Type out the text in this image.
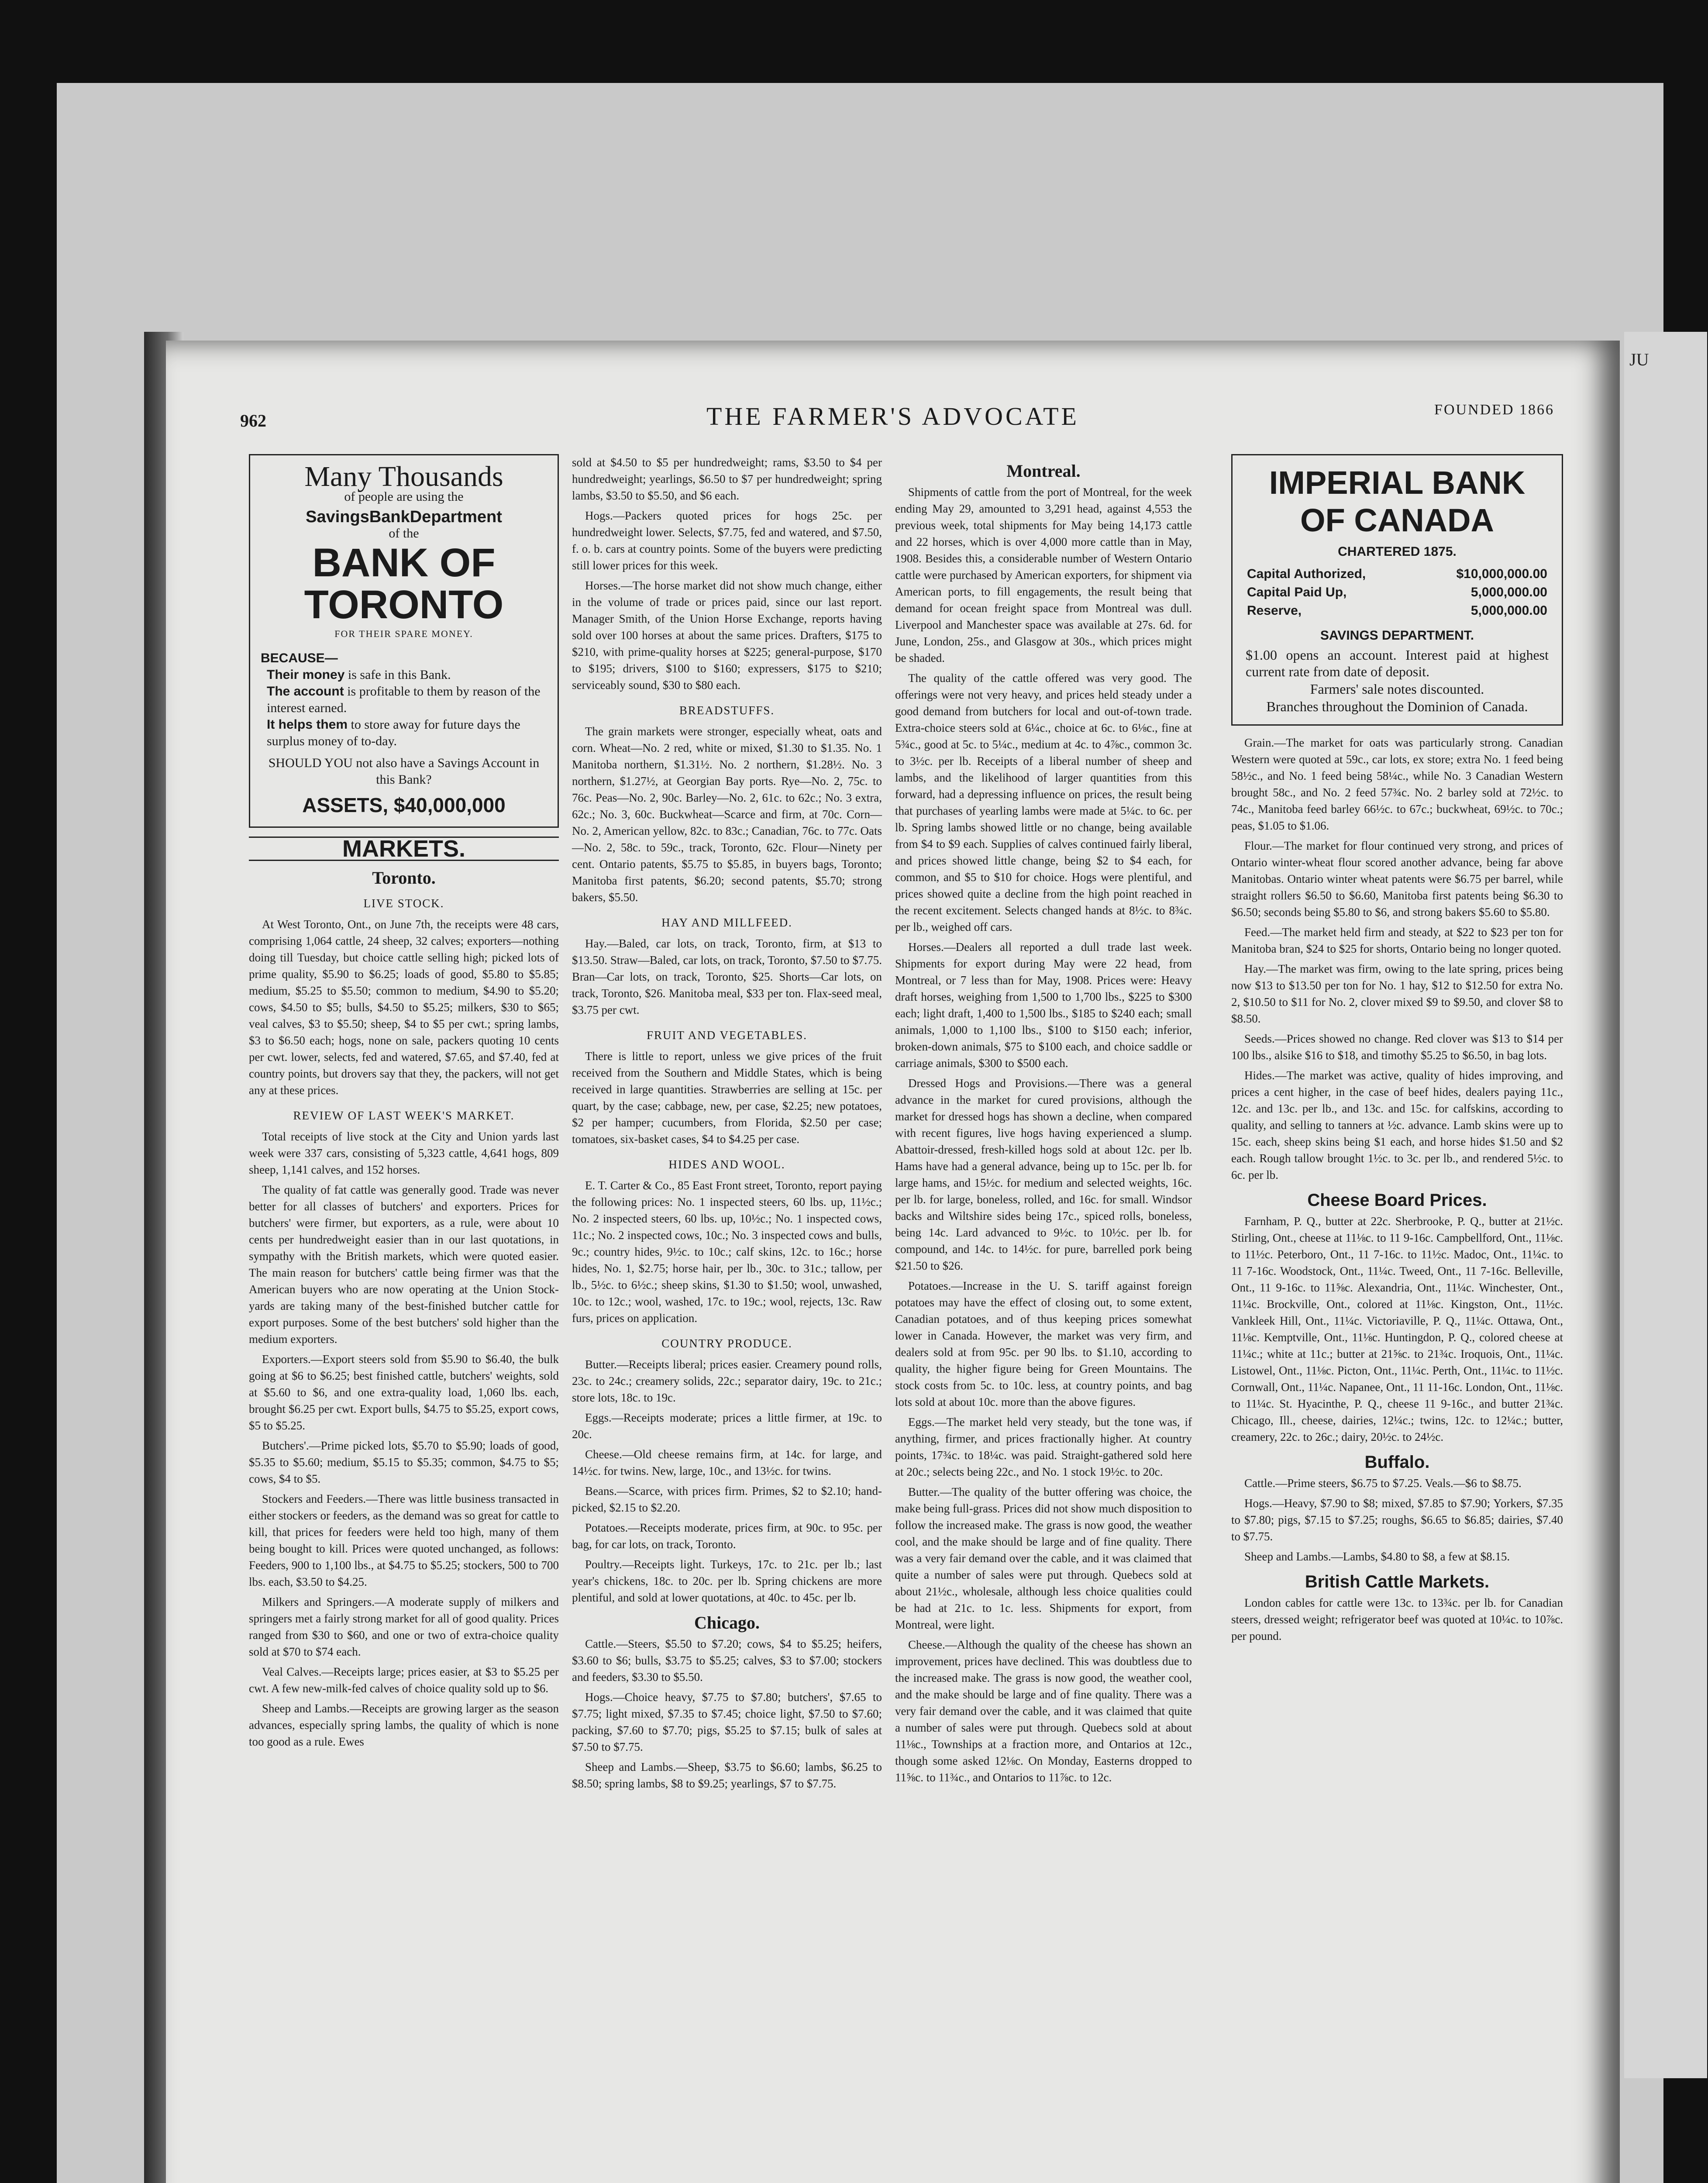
JU
962	THE FARMER'S ADVOCATE	FOUNDED 1866
Many Thousands
of people are using the
SavingsBankDepartment
of the
BANK OF
TORONTO
FOR THEIR SPARE MONEY.
BECAUSE—
Their money is safe in this Bank.
The account is profitable to them by reason of the interest earned.
It helps them to store away for future days the surplus money of to-day.
SHOULD YOU not also have a Savings Account in this Bank?
ASSETS, $40,000,000
MARKETS.
Toronto.
LIVE STOCK.

At West Toronto, Ont., on June 7th, the receipts were 48 cars, comprising 1,064 cattle, 24 sheep, 32 calves; exporters—nothing doing till Tuesday, but choice cattle selling high; picked lots of prime quality, $5.90 to $6.25; loads of good, $5.80 to $5.85; medium, $5.25 to $5.50; common to medium, $4.90 to $5.20; cows, $4.50 to $5; bulls, $4.50 to $5.25; milkers, $30 to $65; veal calves, $3 to $5.50; sheep, $4 to $5 per cwt.; spring lambs, $3 to $6.50 each; hogs, none on sale, packers quoting 10 cents per cwt. lower, selects, fed and watered, $7.65, and $7.40, fed at country points, but drovers say that they, the packers, will not get any at these prices.

REVIEW OF LAST WEEK'S MARKET.

Total receipts of live stock at the City and Union yards last week were 337 cars, consisting of 5,323 cattle, 4,641 hogs, 809 sheep, 1,141 calves, and 152 horses.

The quality of fat cattle was generally good. Trade was never better for all classes of butchers' and exporters. Prices for butchers' were firmer, but exporters, as a rule, were about 10 cents per hundredweight easier than in our last quotations, in sympathy with the British markets, which were quoted easier. The main reason for butchers' cattle being firmer was that the American buyers who are now operating at the Union Stock-yards are taking many of the best-finished butcher cattle for export purposes. Some of the best butchers' sold higher than the medium exporters.

Exporters.—Export steers sold from $5.90 to $6.40, the bulk going at $6 to $6.25; best finished cattle, butchers' weights, sold at $5.60 to $6, and one extra-quality load, 1,060 lbs. each, brought $6.25 per cwt. Export bulls, $4.75 to $5.25, export cows, $5 to $5.25.

Butchers'.—Prime picked lots, $5.70 to $5.90; loads of good, $5.35 to $5.60; medium, $5.15 to $5.35; common, $4.75 to $5; cows, $4 to $5.

Stockers and Feeders.—There was little business transacted in either stockers or feeders, as the demand was so great for cattle to kill, that prices for feeders were held too high, many of them being bought to kill. Prices were quoted unchanged, as follows: Feeders, 900 to 1,100 lbs., at $4.75 to $5.25; stockers, 500 to 700 lbs. each, $3.50 to $4.25.

Milkers and Springers.—A moderate supply of milkers and springers met a fairly strong market for all of good quality. Prices ranged from $30 to $60, and one or two of extra-choice quality sold at $70 to $74 each.

Veal Calves.—Receipts large; prices easier, at $3 to $5.25 per cwt. A few new-milk-fed calves of choice quality sold up to $6.

Sheep and Lambs.—Receipts are growing larger as the season advances, especially spring lambs, the quality of which is none too good as a rule. Ewes

sold at $4.50 to $5 per hundredweight; rams, $3.50 to $4 per hundredweight; yearlings, $6.50 to $7 per hundredweight; spring lambs, $3.50 to $5.50, and $6 each.

Hogs.—Packers quoted prices for hogs 25c. per hundredweight lower. Selects, $7.75, fed and watered, and $7.50, f. o. b. cars at country points. Some of the buyers were predicting still lower prices for this week.

Horses.—The horse market did not show much change, either in the volume of trade or prices paid, since our last report. Manager Smith, of the Union Horse Exchange, reports having sold over 100 horses at about the same prices. Drafters, $175 to $210, with prime-quality horses at $225; general-purpose, $170 to $195; drivers, $100 to $160; expressers, $175 to $210; serviceably sound, $30 to $80 each.

BREADSTUFFS.

The grain markets were stronger, especially wheat, oats and corn. Wheat—No. 2 red, white or mixed, $1.30 to $1.35. No. 1 Manitoba northern, $1.31½. No. 2 northern, $1.28½. No. 3 northern, $1.27½, at Georgian Bay ports. Rye—No. 2, 75c. to 76c. Peas—No. 2, 90c. Barley—No. 2, 61c. to 62c.; No. 3 extra, 62c.; No. 3, 60c. Buckwheat—Scarce and firm, at 70c. Corn—No. 2, American yellow, 82c. to 83c.; Canadian, 76c. to 77c. Oats—No. 2, 58c. to 59c., track, Toronto, 62c. Flour—Ninety per cent. Ontario patents, $5.75 to $5.85, in buyers bags, Toronto; Manitoba first patents, $6.20; second patents, $5.70; strong bakers, $5.50.

HAY AND MILLFEED.

Hay.—Baled, car lots, on track, Toronto, firm, at $13 to $13.50. Straw—Baled, car lots, on track, Toronto, $7.50 to $7.75. Bran—Car lots, on track, Toronto, $25. Shorts—Car lots, on track, Toronto, $26. Manitoba meal, $33 per ton. Flax-seed meal, $3.75 per cwt.

FRUIT AND VEGETABLES.

There is little to report, unless we give prices of the fruit received from the Southern and Middle States, which is being received in large quantities. Strawberries are selling at 15c. per quart, by the case; cabbage, new, per case, $2.25; new potatoes, $2 per hamper; cucumbers, from Florida, $2.50 per case; tomatoes, six-basket cases, $4 to $4.25 per case.

HIDES AND WOOL.

E. T. Carter & Co., 85 East Front street, Toronto, report paying the following prices: No. 1 inspected steers, 60 lbs. up, 11½c.; No. 2 inspected steers, 60 lbs. up, 10½c.; No. 1 inspected cows, 11c.; No. 2 inspected cows, 10c.; No. 3 inspected cows and bulls, 9c.; country hides, 9½c. to 10c.; calf skins, 12c. to 16c.; horse hides, No. 1, $2.75; horse hair, per lb., 30c. to 31c.; tallow, per lb., 5½c. to 6½c.; sheep skins, $1.30 to $1.50; wool, unwashed, 10c. to 12c.; wool, washed, 17c. to 19c.; wool, rejects, 13c. Raw furs, prices on application.

COUNTRY PRODUCE.

Butter.—Receipts liberal; prices easier. Creamery pound rolls, 23c. to 24c.; creamery solids, 22c.; separator dairy, 19c. to 21c.; store lots, 18c. to 19c.

Eggs.—Receipts moderate; prices a little firmer, at 19c. to 20c.

Cheese.—Old cheese remains firm, at 14c. for large, and 14½c. for twins. New, large, 10c., and 13½c. for twins.

Beans.—Scarce, with prices firm. Primes, $2 to $2.10; hand-picked, $2.15 to $2.20.

Potatoes.—Receipts moderate, prices firm, at 90c. to 95c. per bag, for car lots, on track, Toronto.

Poultry.—Receipts light. Turkeys, 17c. to 21c. per lb.; last year's chickens, 18c. to 20c. per lb. Spring chickens are more plentiful, and sold at lower quotations, at 40c. to 45c. per lb.

Chicago.

Cattle.—Steers, $5.50 to $7.20; cows, $4 to $5.25; heifers, $3.60 to $6; bulls, $3.75 to $5.25; calves, $3 to $7.00; stockers and feeders, $3.30 to $5.50.

Hogs.—Choice heavy, $7.75 to $7.80; butchers', $7.65 to $7.75; light mixed, $7.35 to $7.45; choice light, $7.50 to $7.60; packing, $7.60 to $7.70; pigs, $5.25 to $7.15; bulk of sales at $7.50 to $7.75.

Sheep and Lambs.—Sheep, $3.75 to $6.60; lambs, $6.25 to $8.50; spring lambs, $8 to $9.25; yearlings, $7 to $7.75.

Montreal.

Shipments of cattle from the port of Montreal, for the week ending May 29, amounted to 3,291 head, against 4,553 the previous week, total shipments for May being 14,173 cattle and 22 horses, which is over 4,000 more cattle than in May, 1908. Besides this, a considerable number of Western Ontario cattle were purchased by American exporters, for shipment via American ports, to fill engagements, the result being that demand for ocean freight space from Montreal was dull. Liverpool and Manchester space was available at 27s. 6d. for June, London, 25s., and Glasgow at 30s., which prices might be shaded.

The quality of the cattle offered was very good. The offerings were not very heavy, and prices held steady under a good demand from butchers for local and out-of-town trade. Extra-choice steers sold at 6¼c., choice at 6c. to 6⅛c., fine at 5¾c., good at 5c. to 5¼c., medium at 4c. to 4⅞c., common 3c. to 3½c. per lb. Receipts of a liberal number of sheep and lambs, and the likelihood of larger quantities from this forward, had a depressing influence on prices, the result being that purchases of yearling lambs were made at 5¼c. to 6c. per lb. Spring lambs showed little or no change, being available from $4 to $9 each. Supplies of calves continued fairly liberal, and prices showed little change, being $2 to $4 each, for common, and $5 to $10 for choice. Hogs were plentiful, and prices showed quite a decline from the high point reached in the recent excitement. Selects changed hands at 8½c. to 8¾c. per lb., weighed off cars.

Horses.—Dealers all reported a dull trade last week. Shipments for export during May were 22 head, from Montreal, or 7 less than for May, 1908. Prices were: Heavy draft horses, weighing from 1,500 to 1,700 lbs., $225 to $300 each; light draft, 1,400 to 1,500 lbs., $185 to $240 each; small animals, 1,000 to 1,100 lbs., $100 to $150 each; inferior, broken-down animals, $75 to $100 each, and choice saddle or carriage animals, $300 to $500 each.

Dressed Hogs and Provisions.—There was a general advance in the market for cured provisions, although the market for dressed hogs has shown a decline, when compared with recent figures, live hogs having experienced a slump. Abattoir-dressed, fresh-killed hogs sold at about 12c. per lb. Hams have had a general advance, being up to 15c. per lb. for large hams, and 15½c. for medium and selected weights, 16c. per lb. for large, boneless, rolled, and 16c. for small. Windsor backs and Wiltshire sides being 17c., spiced rolls, boneless, being 14c. Lard advanced to 9½c. to 10½c. per lb. for compound, and 14c. to 14½c. for pure, barrelled pork being $21.50 to $26.

Potatoes.—Increase in the U. S. tariff against foreign potatoes may have the effect of closing out, to some extent, Canadian potatoes, and of thus keeping prices somewhat lower in Canada. However, the market was very firm, and dealers sold at from 95c. per 90 lbs. to $1.10, according to quality, the higher figure being for Green Mountains. The stock costs from 5c. to 10c. less, at country points, and bag lots sold at about 10c. more than the above figures.

Eggs.—The market held very steady, but the tone was, if anything, firmer, and prices fractionally higher. At country points, 17¾c. to 18¼c. was paid. Straight-gathered sold here at 20c.; selects being 22c., and No. 1 stock 19½c. to 20c.

Butter.—The quality of the butter offering was choice, the make being full-grass. Prices did not show much disposition to follow the increased make. The grass is now good, the weather cool, and the make should be large and of fine quality. There was a very fair demand over the cable, and it was claimed that quite a number of sales were put through. Quebecs sold at about 21½c., wholesale, although less choice qualities could be had at 21c. to 1c. less. Shipments for export, from Montreal, were light.

Cheese.—Although the quality of the cheese has shown an improvement, prices have declined. This was doubtless due to the increased make. The grass is now good, the weather cool, and the make should be large and of fine quality. There was a very fair demand over the cable, and it was claimed that quite a number of sales were put through. Quebecs sold at about 11⅛c., Townships at a fraction more, and Ontarios at 12c., though some asked 12⅛c. On Monday, Easterns dropped to 11⅝c. to 11¾c., and Ontarios to 11⅞c. to 12c.

IMPERIAL BANK
OF CANADA
CHARTERED 1875.
Capital Authorized,	$10,000,000.00
Capital Paid Up,	5,000,000.00
Reserve,	5,000,000.00
SAVINGS DEPARTMENT.
$1.00 opens an account. Interest paid at highest current rate from date of deposit.
Farmers' sale notes discounted.
Branches throughout the Dominion of Canada.

Grain.—The market for oats was particularly strong. Canadian Western were quoted at 59c., car lots, ex store; extra No. 1 feed being 58½c., and No. 1 feed being 58¼c., while No. 3 Canadian Western brought 58c., and No. 2 feed 57¾c. No. 2 barley sold at 72½c. to 74c., Manitoba feed barley 66½c. to 67c.; buckwheat, 69½c. to 70c.; peas, $1.05 to $1.06.

Flour.—The market for flour continued very strong, and prices of Ontario winter-wheat flour scored another advance, being far above Manitobas. Ontario winter wheat patents were $6.75 per barrel, while straight rollers $6.50 to $6.60, Manitoba first patents being $6.30 to $6.50; seconds being $5.80 to $6, and strong bakers $5.60 to $5.80.

Feed.—The market held firm and steady, at $22 to $23 per ton for Manitoba bran, $24 to $25 for shorts, Ontario being no longer quoted.

Hay.—The market was firm, owing to the late spring, prices being now $13 to $13.50 per ton for No. 1 hay, $12 to $12.50 for extra No. 2, $10.50 to $11 for No. 2, clover mixed $9 to $9.50, and clover $8 to $8.50.

Seeds.—Prices showed no change. Red clover was $13 to $14 per 100 lbs., alsike $16 to $18, and timothy $5.25 to $6.50, in bag lots.

Hides.—The market was active, quality of hides improving, and prices a cent higher, in the case of beef hides, dealers paying 11c., 12c. and 13c. per lb., and 13c. and 15c. for calfskins, according to quality, and selling to tanners at ½c. advance. Lamb skins were up to 15c. each, sheep skins being $1 each, and horse hides $1.50 and $2 each. Rough tallow brought 1½c. to 3c. per lb., and rendered 5½c. to 6c. per lb.

Cheese Board Prices.

Farnham, P. Q., butter at 22c. Sherbrooke, P. Q., butter at 21½c. Stirling, Ont., cheese at 11⅛c. to 11 9-16c. Campbellford, Ont., 11⅛c. to 11½c. Peterboro, Ont., 11 7-16c. to 11½c. Madoc, Ont., 11¼c. to 11 7-16c. Woodstock, Ont., 11¼c. Tweed, Ont., 11 7-16c. Belleville, Ont., 11 9-16c. to 11⅝c. Alexandria, Ont., 11¼c. Winchester, Ont., 11¼c. Brockville, Ont., colored at 11⅛c. Kingston, Ont., 11½c. Vankleek Hill, Ont., 11¼c. Victoriaville, P. Q., 11¼c. Ottawa, Ont., 11⅛c. Kemptville, Ont., 11⅛c. Huntingdon, P. Q., colored cheese at 11¼c.; white at 11c.; butter at 21⅝c. to 21¾c. Iroquois, Ont., 11¼c. Listowel, Ont., 11⅛c. Picton, Ont., 11¼c. Perth, Ont., 11¼c. to 11½c. Cornwall, Ont., 11¼c. Napanee, Ont., 11 11-16c. London, Ont., 11⅛c. to 11¼c. St. Hyacinthe, P. Q., cheese 11 9-16c., and butter 21¾c. Chicago, Ill., cheese, dairies, 12¼c.; twins, 12c. to 12¼c.; butter, creamery, 22c. to 26c.; dairy, 20½c. to 24½c.

Buffalo.

Cattle.—Prime steers, $6.75 to $7.25. Veals.—$6 to $8.75.

Hogs.—Heavy, $7.90 to $8; mixed, $7.85 to $7.90; Yorkers, $7.35 to $7.80; pigs, $7.15 to $7.25; roughs, $6.65 to $6.85; dairies, $7.40 to $7.75.

Sheep and Lambs.—Lambs, $4.80 to $8, a few at $8.15.

British Cattle Markets.

London cables for cattle were 13c. to 13¾c. per lb. for Canadian steers, dressed weight; refrigerator beef was quoted at 10¼c. to 10⅞c. per pound.
